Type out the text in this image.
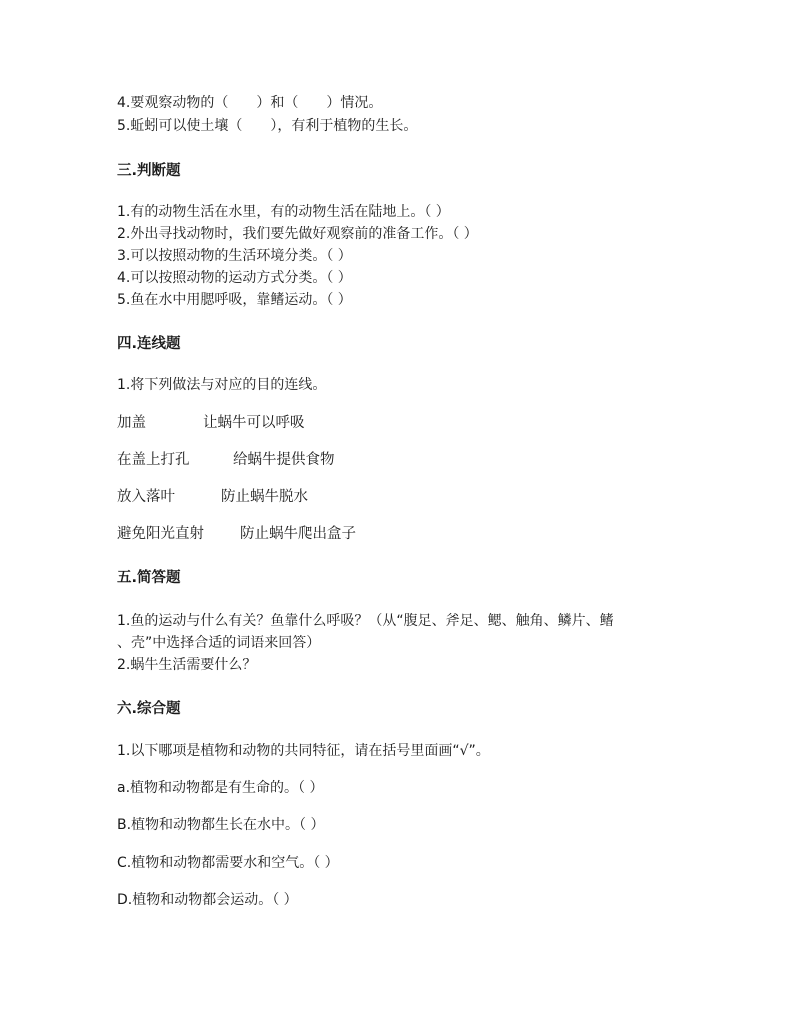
4.要观察动物的（　　）和（　　）情况。
5.蚯蚓可以使土壤（　　），有利于植物的生长。
三.判断题
1.有的动物生活在水里，有的动物生活在陆地上。（ ）
2.外出寻找动物时，我们要先做好观察前的准备工作。（ ）
3.可以按照动物的生活环境分类。（ ）
4.可以按照动物的运动方式分类。（ ）
5.鱼在水中用腮呼吸，靠鳍运动。（ ）
四.连线题
1.将下列做法与对应的目的连线。
加盖	让蜗牛可以呼吸
在盖上打孔	给蜗牛提供食物
放入落叶	防止蜗牛脱水
避免阳光直射 防止蜗牛爬出盒子
五.简答题
1.鱼的运动与什么有关？鱼靠什么呼吸？（从“腹足、斧足、鳃、触角、鳞片、鳍
、壳”中选择合适的词语来回答）
2.蜗牛生活需要什么？
六.综合题
1.以下哪项是植物和动物的共同特征，请在括号里面画“√”。
a.植物和动物都是有生命的。（ ）
B.植物和动物都生长在水中。（ ）
C.植物和动物都需要水和空气。（ ）
D.植物和动物都会运动。（ ）
